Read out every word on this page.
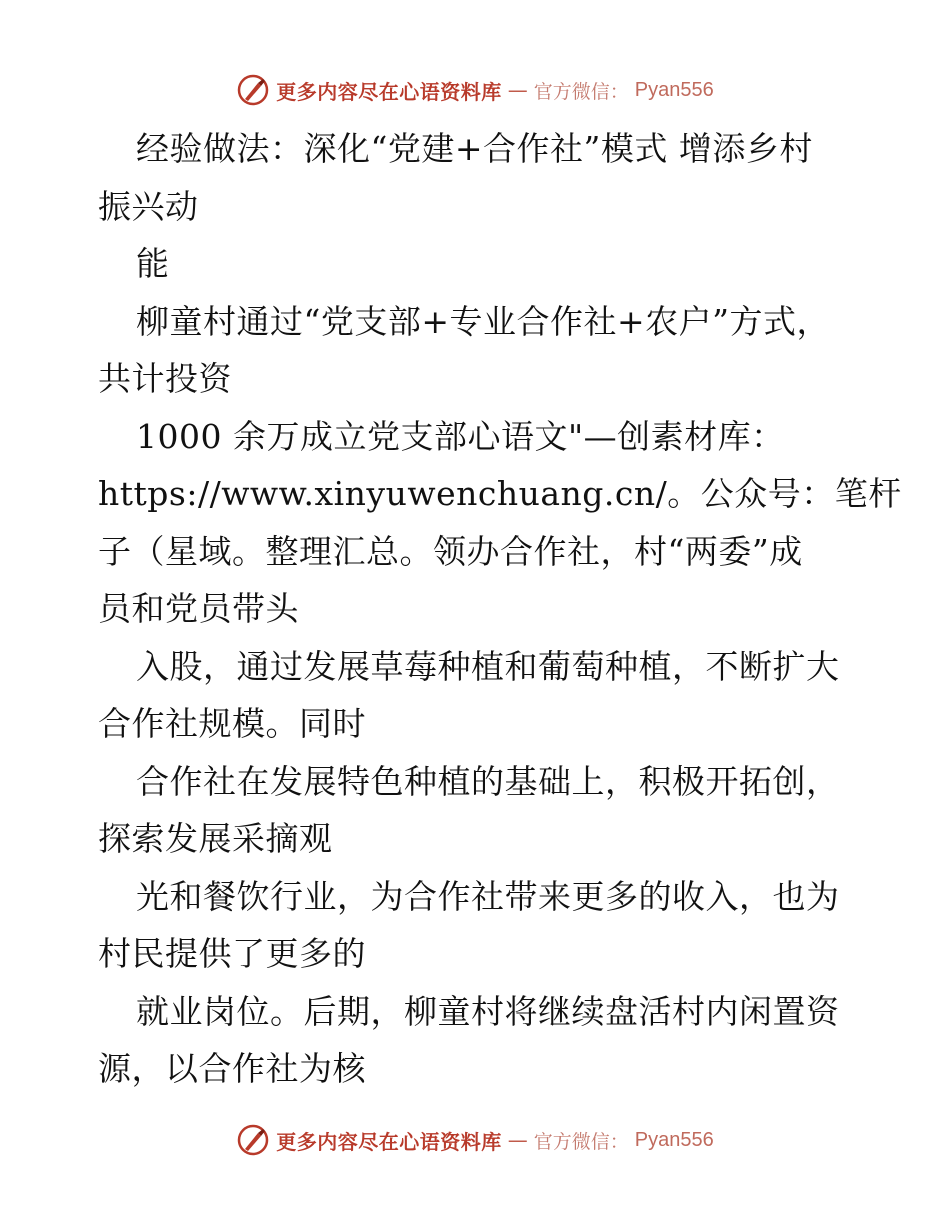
更多内容尽在心语资料库 — 官方微信： Pyan556
经验做法：深化“党建+合作社”模式 增添乡村
振兴动
能
柳童村通过“党支部+专业合作社+农户”方式，
共计投资
1000 余万成立党支部心语文"—创素材库：
https://www.xinyuwenchuang.cn/。公众号：笔杆
子（星域。整理汇总。领办合作社，村“两委”成
员和党员带头
入股，通过发展草莓种植和葡萄种植，不断扩大
合作社规模。同时
合作社在发展特色种植的基础上，积极开拓创，
探索发展采摘观
光和餐饮行业，为合作社带来更多的收入，也为
村民提供了更多的
就业岗位。后期，柳童村将继续盘活村内闲置资
源，以合作社为核
更多内容尽在心语资料库 — 官方微信： Pyan556
